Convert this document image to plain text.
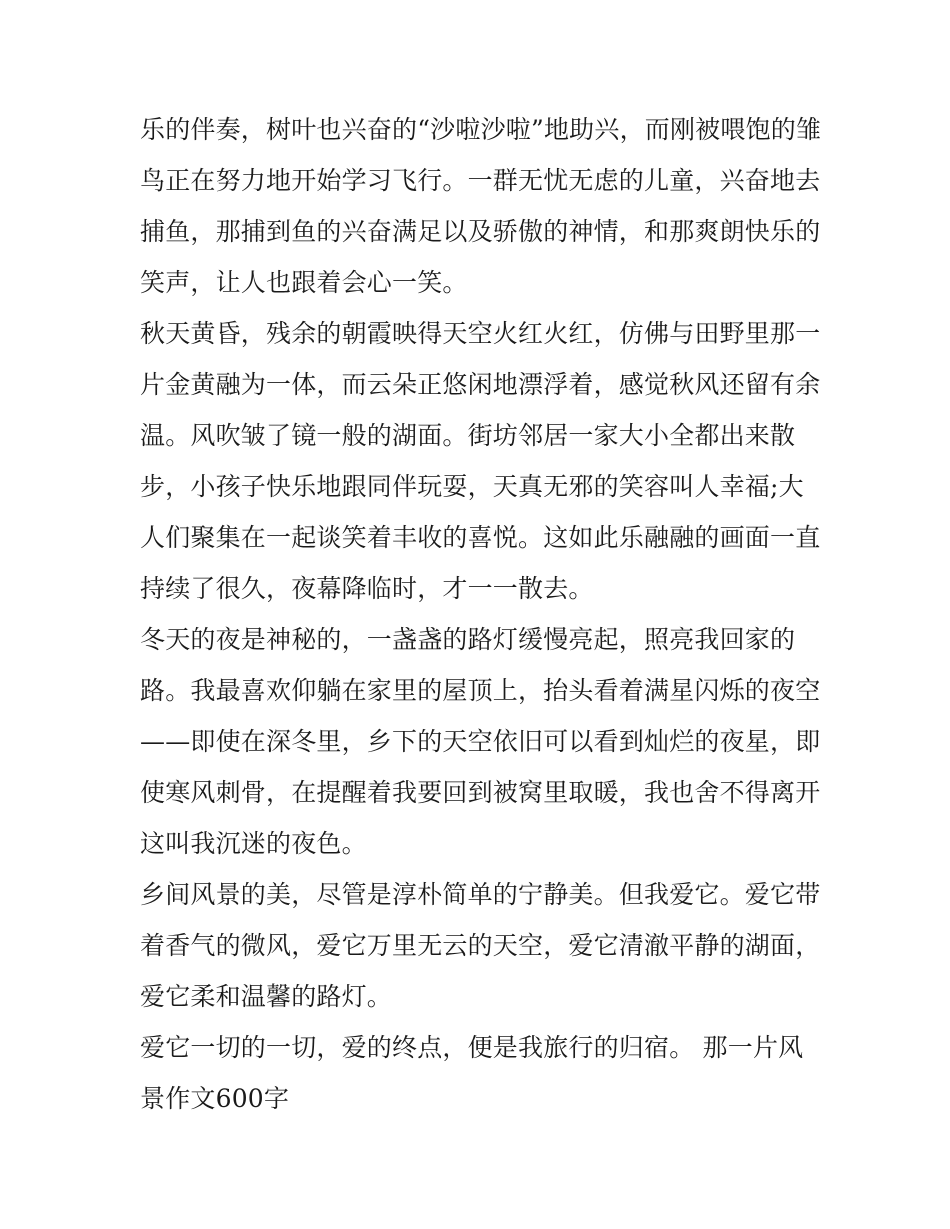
乐的伴奏，树叶也兴奋的“沙啦沙啦”地助兴，而刚被喂饱的雏
鸟正在努力地开始学习飞行。一群无忧无虑的儿童，兴奋地去
捕鱼，那捕到鱼的兴奋满足以及骄傲的神情，和那爽朗快乐的
笑声，让人也跟着会心一笑。

秋天黄昏，残余的朝霞映得天空火红火红，仿佛与田野里那一
片金黄融为一体，而云朵正悠闲地漂浮着，感觉秋风还留有余
温。风吹皱了镜一般的湖面。街坊邻居一家大小全都出来散
步，小孩子快乐地跟同伴玩耍，天真无邪的笑容叫人幸福;大
人们聚集在一起谈笑着丰收的喜悦。这如此乐融融的画面一直
持续了很久，夜幕降临时，才一一散去。

冬天的夜是神秘的，一盏盏的路灯缓慢亮起，照亮我回家的
路。我最喜欢仰躺在家里的屋顶上，抬头看着满星闪烁的夜空
——即使在深冬里，乡下的天空依旧可以看到灿烂的夜星，即
使寒风刺骨，在提醒着我要回到被窝里取暖，我也舍不得离开
这叫我沉迷的夜色。

乡间风景的美，尽管是淳朴简单的宁静美。但我爱它。爱它带
着香气的微风，爱它万里无云的天空，爱它清澈平静的湖面，
爱它柔和温馨的路灯。

爱它一切的一切，爱的终点，便是我旅行的归宿。 那一片风
景作文600字
